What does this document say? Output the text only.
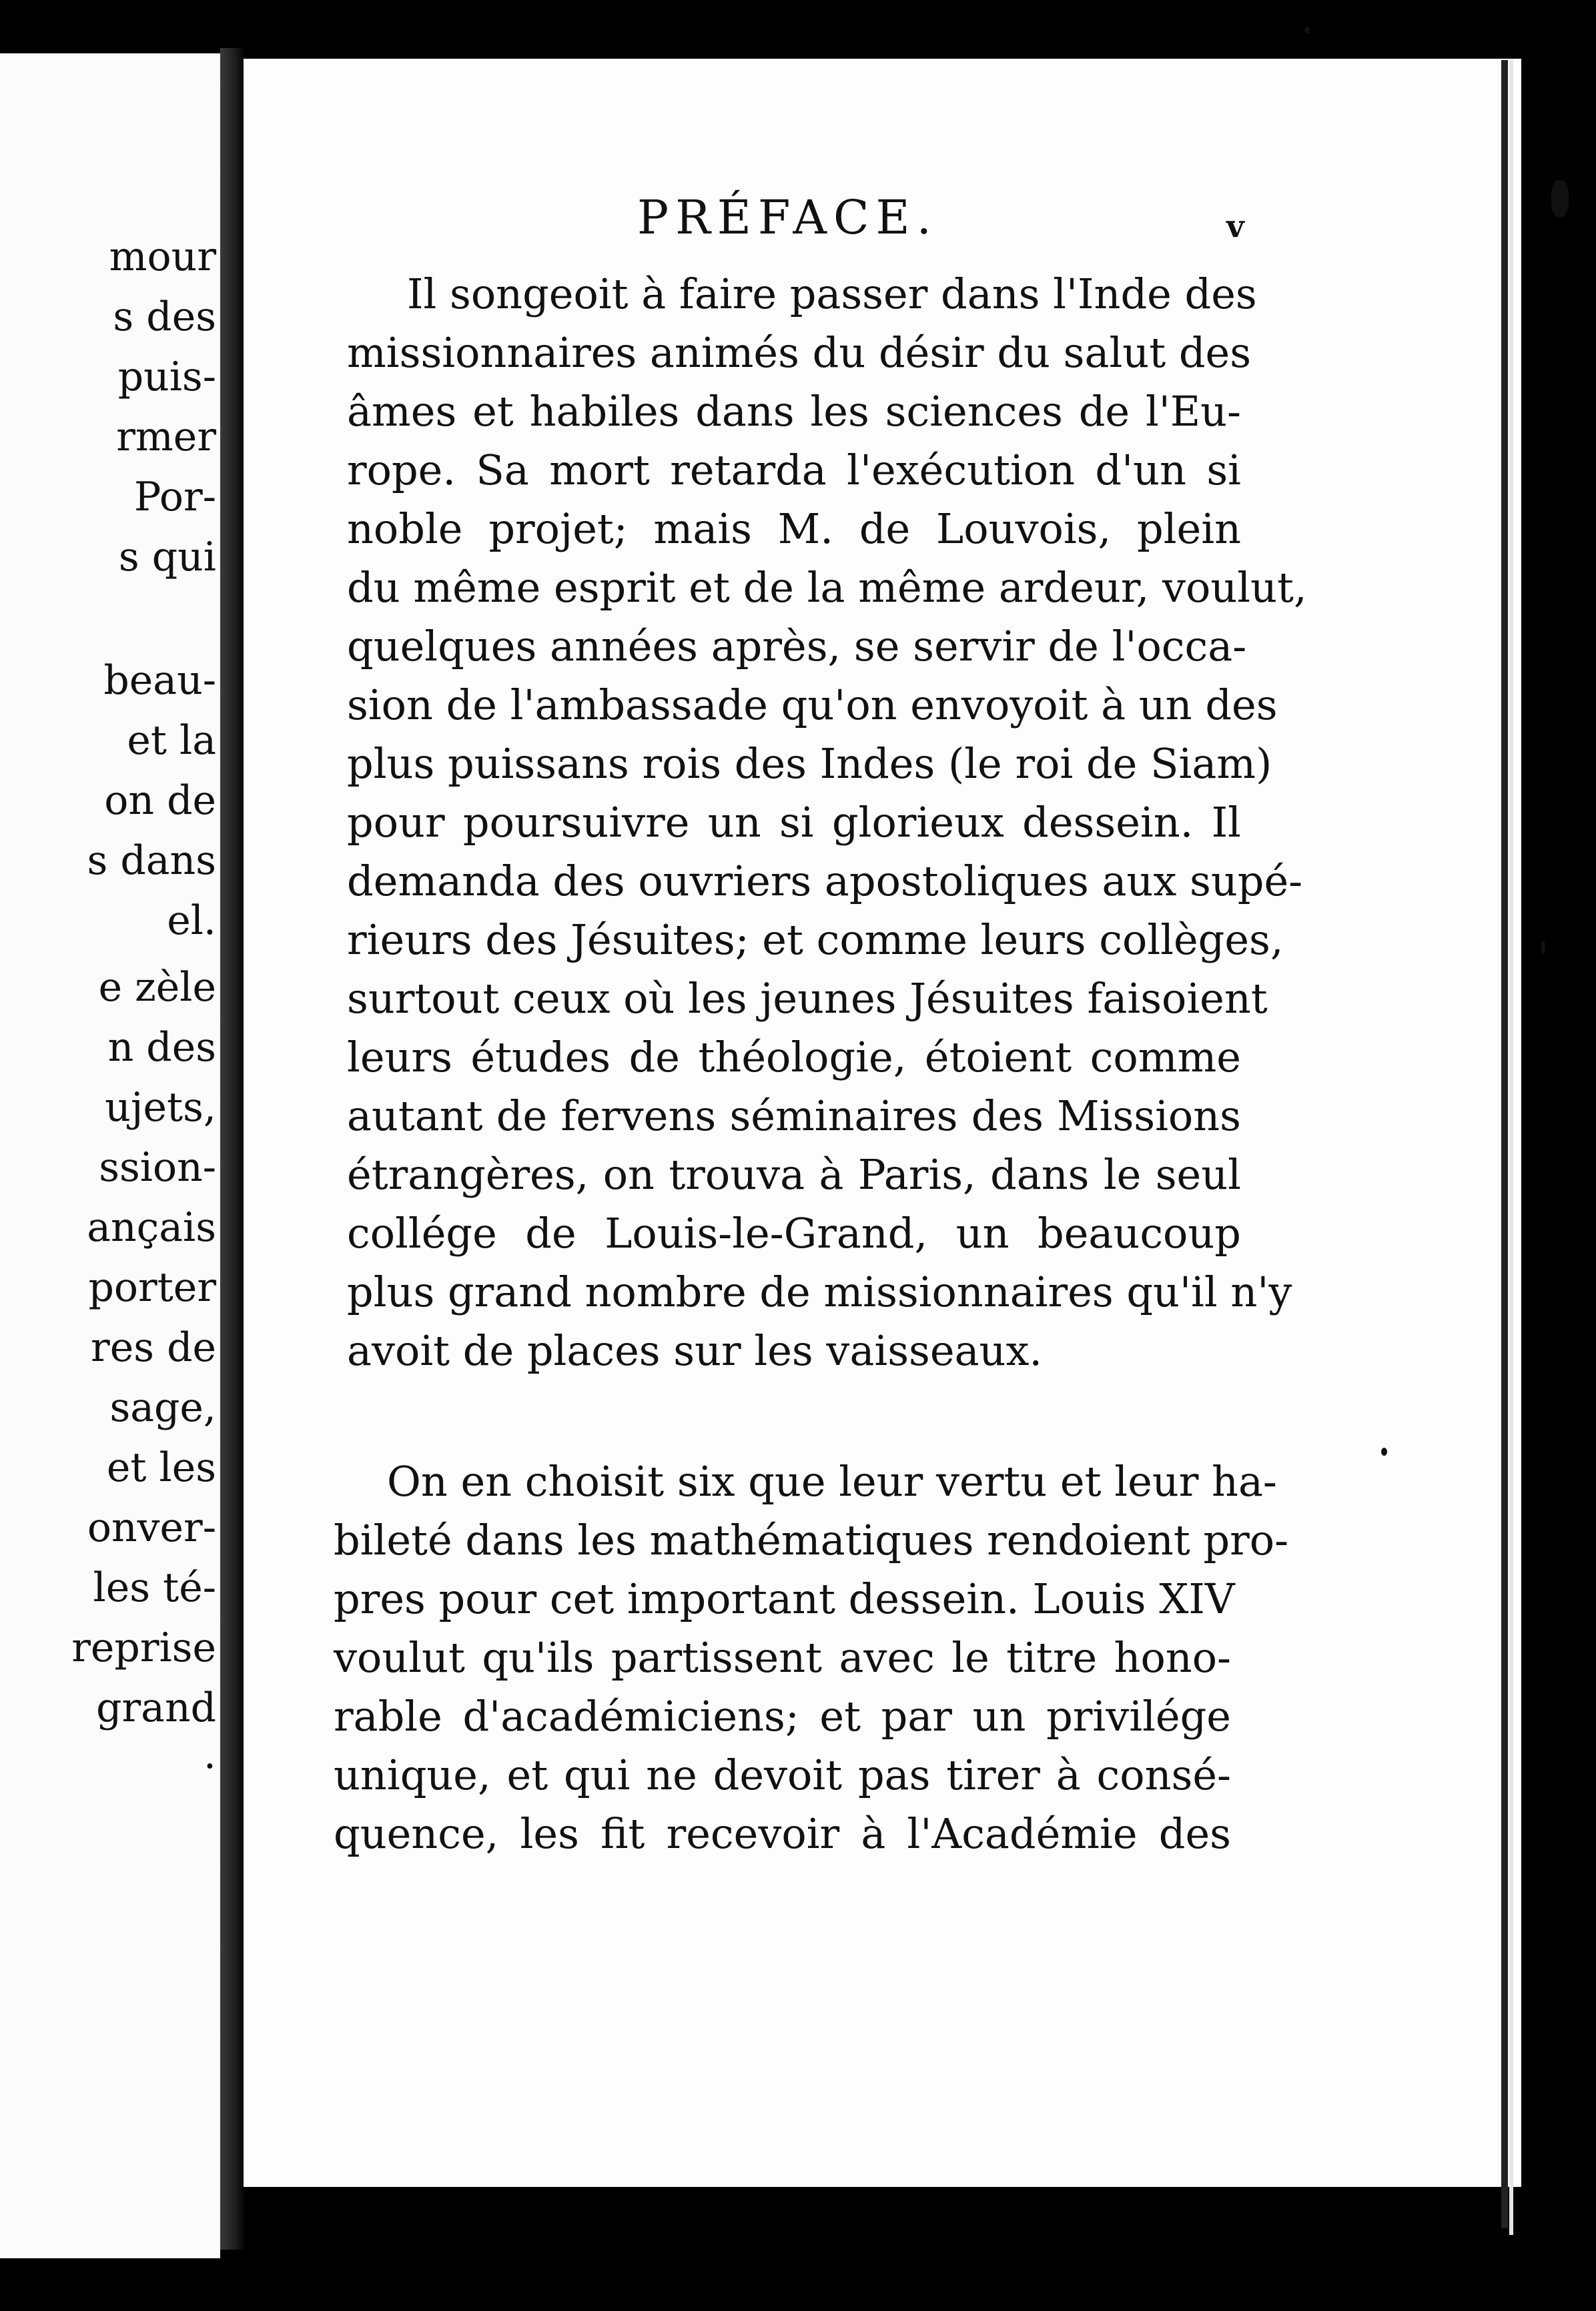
mour
s des
puis-
rmer
Por-
s qui
beau-
et la
on de
s dans
el.
e zèle
n des
ujets,
ssion-
ançais
porter
res de
sage,
et les
onver-
les té-
reprise
grand
.
Il songeoit à faire passer dans l'Inde des
missionnaires animés du désir du salut des
âmes et habiles dans les sciences de l'Eu-
rope. Sa mort retarda l'exécution d'un si
noble projet; mais M. de Louvois, plein
du même esprit et de la même ardeur, voulut,
quelques années après, se servir de l'occa-
sion de l'ambassade qu'on envoyoit à un des
plus puissans rois des Indes (le roi de Siam)
pour poursuivre un si glorieux dessein. Il
demanda des ouvriers apostoliques aux supé-
rieurs des Jésuites; et comme leurs collèges,
surtout ceux où les jeunes Jésuites faisoient
leurs études de théologie, étoient comme
autant de fervens séminaires des Missions
étrangères, on trouva à Paris, dans le seul
collége de Louis-le-Grand, un beaucoup
plus grand nombre de missionnaires qu'il n'y
avoit de places sur les vaisseaux.
On en choisit six que leur vertu et leur ha-
bileté dans les mathématiques rendoient pro-
pres pour cet important dessein. Louis XIV
voulut qu'ils partissent avec le titre hono-
rable d'académiciens; et par un privilége
unique, et qui ne devoit pas tirer à consé-
quence, les fit recevoir à l'Académie des
PRÉFACE.	v
